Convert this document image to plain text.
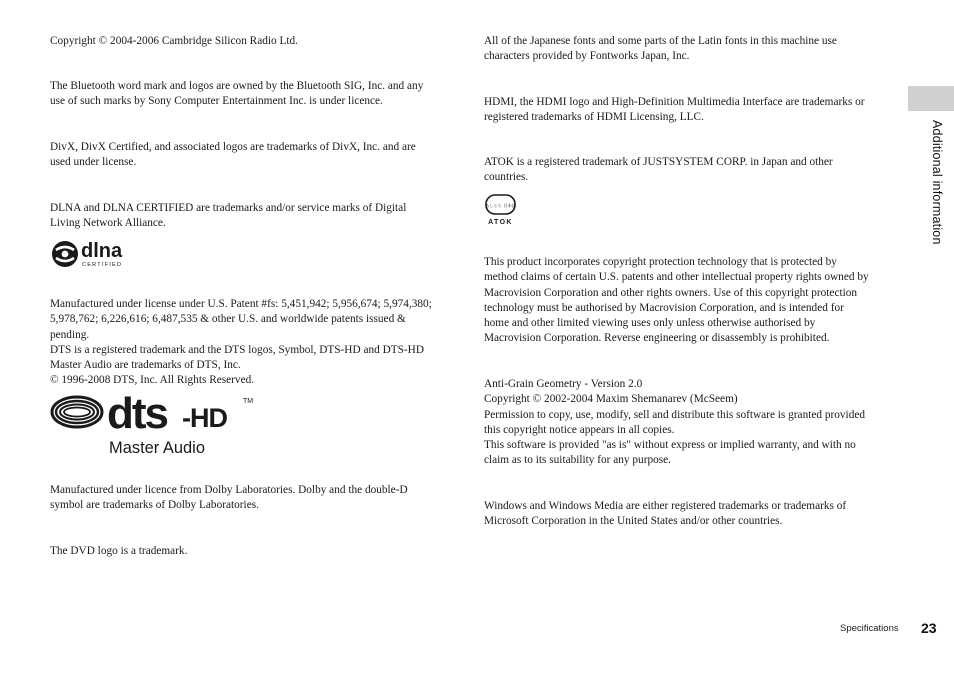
Additional information
Copyright © 2004-2006 Cambridge Silicon Radio Ltd.
The Bluetooth word mark and logos are owned by the Bluetooth SIG, Inc. and any
use of such marks by Sony Computer Entertainment Inc. is under licence.
DivX, DivX Certified, and associated logos are trademarks of DivX, Inc. and are
used under license.
DLNA and DLNA CERTIFIED are trademarks and/or service marks of Digital
Living Network Alliance.
dlna
CERTIFIED
Manufactured under license under U.S. Patent #fs: 5,451,942; 5,956,674; 5,974,380;
5,978,762; 6,226,616; 6,487,535 & other U.S. and worldwide patents issued &
pending.
DTS is a registered trademark and the DTS logos, Symbol, DTS-HD and DTS-HD
Master Audio are trademarks of DTS, Inc.
© 1996-2008 DTS, Inc. All Rights Reserved.
dts -HD
TM
Master Audio
Manufactured under licence from Dolby Laboratories. Dolby and the double-D
symbol are trademarks of Dolby Laboratories.
The DVD logo is a trademark.
All of the Japanese fonts and some parts of the Latin fonts in this machine use
characters provided by Fontworks Japan, Inc.
HDMI, the HDMI logo and High-Definition Multimedia Interface are trademarks or
registered trademarks of HDMI Licensing, LLC.
ATOK is a registered trademark of JUSTSYSTEM CORP. in Japan and other
countries.
あしとら 日本語
ATOK
This product incorporates copyright protection technology that is protected by
method claims of certain U.S. patents and other intellectual property rights owned by
Macrovision Corporation and other rights owners. Use of this copyright protection
technology must be authorised by Macrovision Corporation, and is intended for
home and other limited viewing uses only unless otherwise authorised by
Macrovision Corporation. Reverse engineering or disassembly is prohibited.
Anti-Grain Geometry - Version 2.0
Copyright © 2002-2004 Maxim Shemanarev (McSeem)
Permission to copy, use, modify, sell and distribute this software is granted provided
this copyright notice appears in all copies.
This software is provided "as is" without express or implied warranty, and with no
claim as to its suitability for any purpose.
Windows and Windows Media are either registered trademarks or trademarks of
Microsoft Corporation in the United States and/or other countries.
Specifications 23
